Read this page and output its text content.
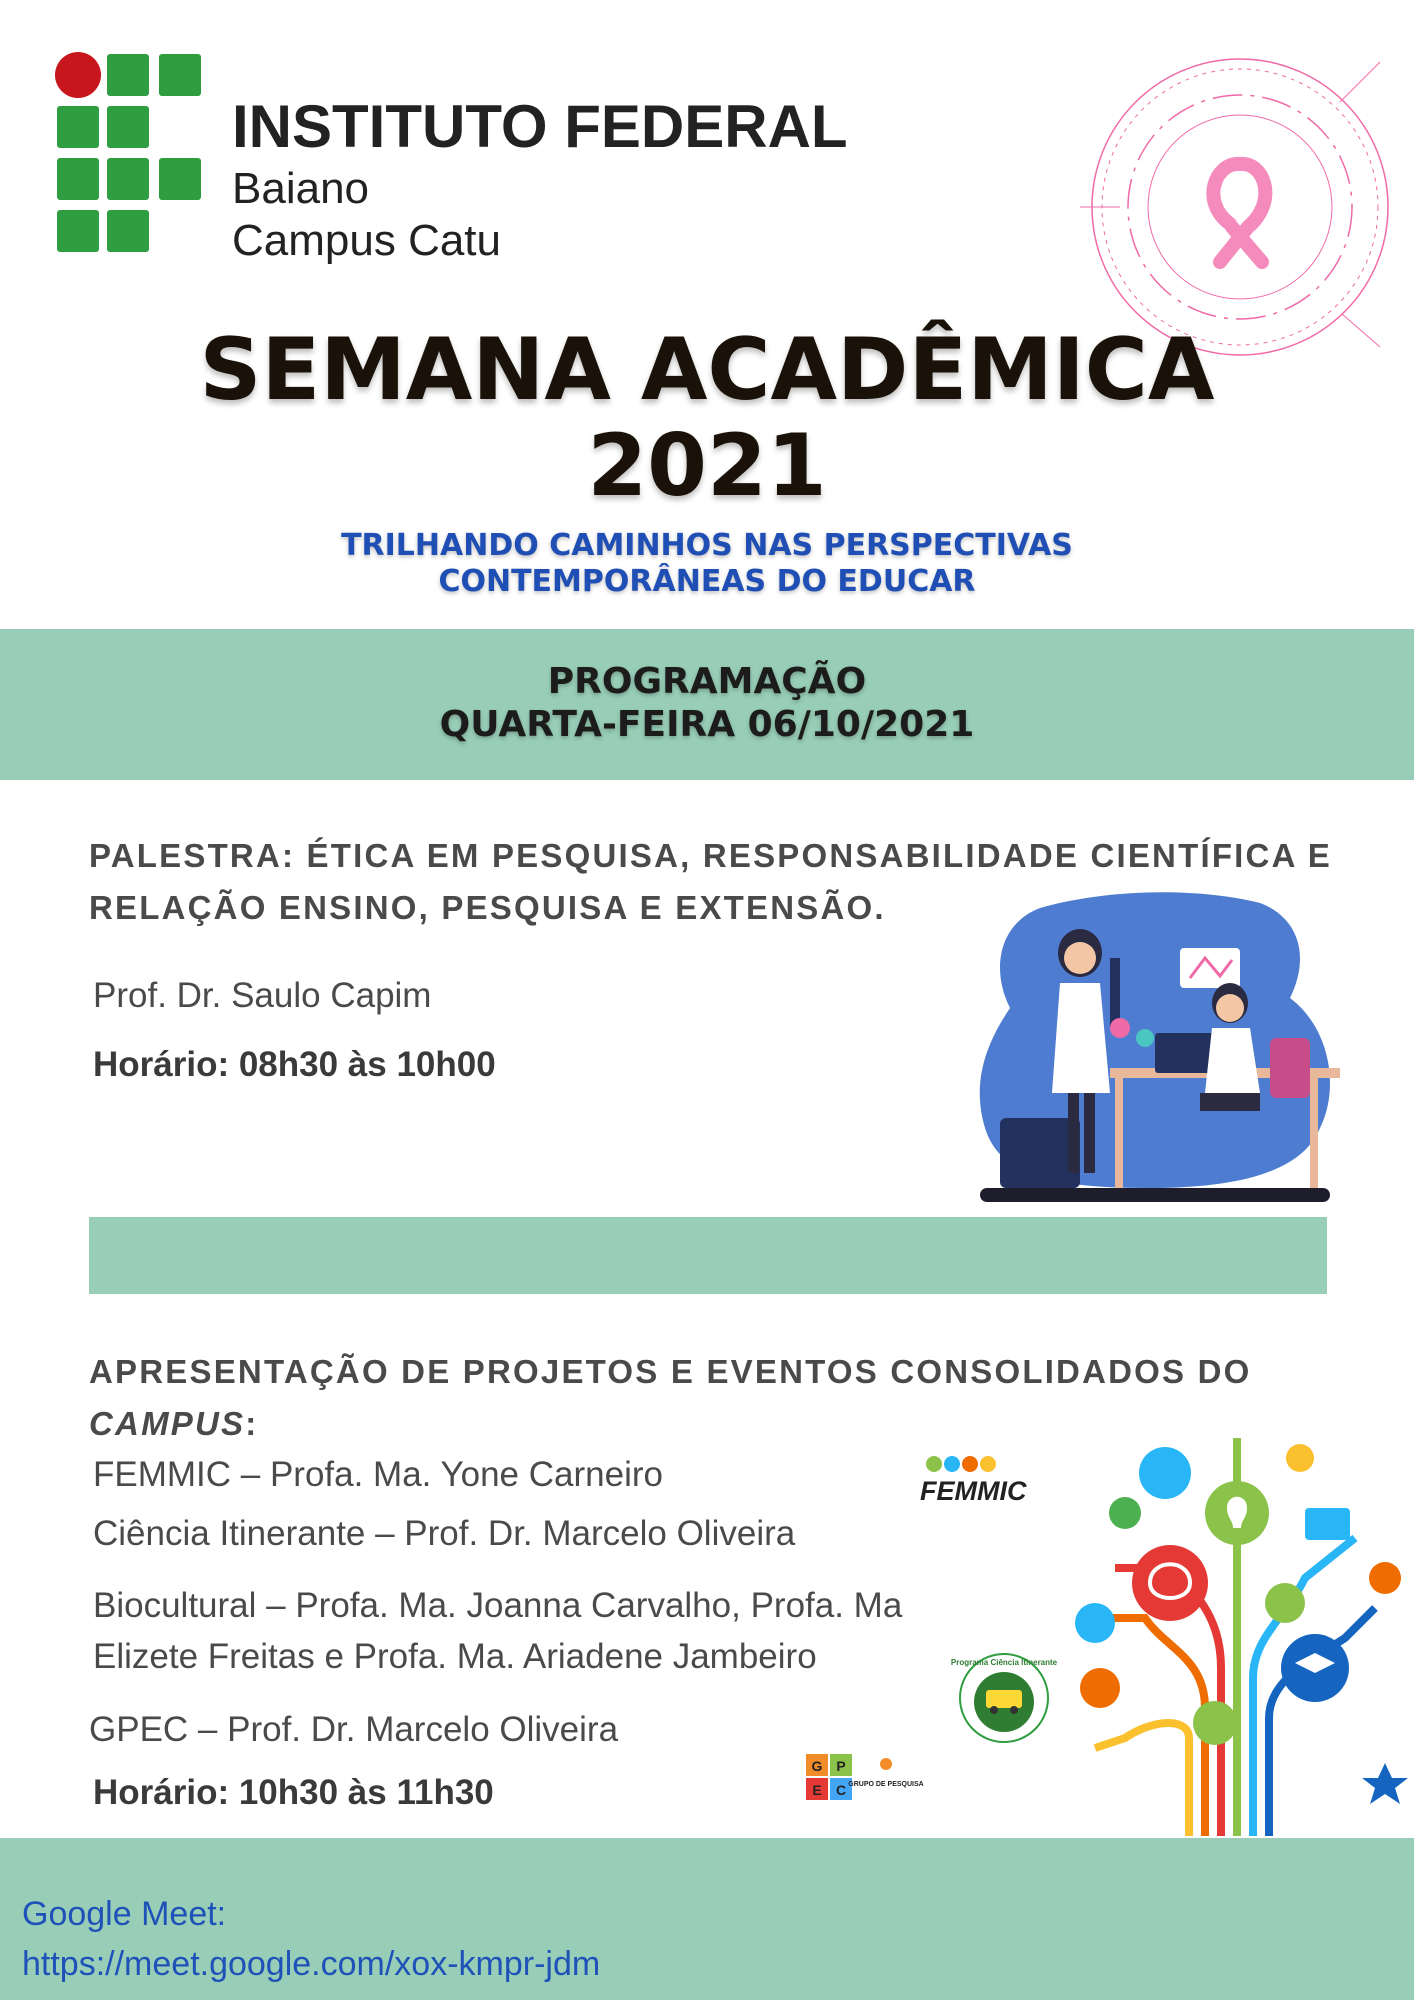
INSTITUTO FEDERAL
Baiano
Campus Catu
SEMANA ACADÊMICA
2021
TRILHANDO CAMINHOS NAS PERSPECTIVAS
CONTEMPORÂNEAS DO EDUCAR
PROGRAMAÇÃO
QUARTA-FEIRA 06/10/2021
PALESTRA: ÉTICA EM PESQUISA, RESPONSABILIDADE CIENTÍFICA E
RELAÇÃO ENSINO, PESQUISA E EXTENSÃO.
Prof. Dr. Saulo Capim
Horário: 08h30 às 10h00
APRESENTAÇÃO DE PROJETOS E EVENTOS CONSOLIDADOS DO
CAMPUS:
FEMMIC – Profa. Ma. Yone Carneiro
Ciência Itinerante – Prof. Dr. Marcelo Oliveira
Biocultural – Profa. Ma. Joanna Carvalho, Profa. Ma
Elizete Freitas e Profa. Ma. Ariadene Jambeiro
GPEC – Prof. Dr. Marcelo Oliveira
Horário: 10h30 às 11h30
FEMMIC
Programa Ciência Itinerante
G P
E C GRUPO DE PESQUISA
Google Meet:
https://meet.google.com/xox-kmpr-jdm
